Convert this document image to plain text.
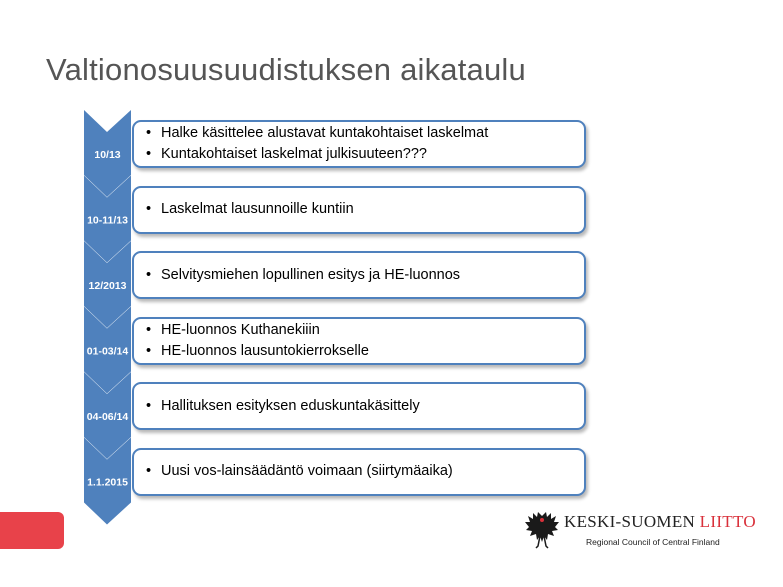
Valtionosuusuudistuksen aikataulu
10/13
10-11/13
12/2013
01-03/14
04-06/14
1.1.2015
• Halke käsittelee alustavat kuntakohtaiset laskelmat
• Kuntakohtaiset laskelmat julkisuuteen???
• Laskelmat lausunnoille kuntiin
• Selvitysmiehen lopullinen esitys ja HE-luonnos
• HE-luonnos Kuthanekiiin
• HE-luonnos lausuntokierrokselle
• Hallituksen esityksen eduskuntakäsittely
• Uusi vos-lainsäädäntö voimaan (siirtymäaika)
KESKI-SUOMEN LIITTO
Regional Council of Central Finland
